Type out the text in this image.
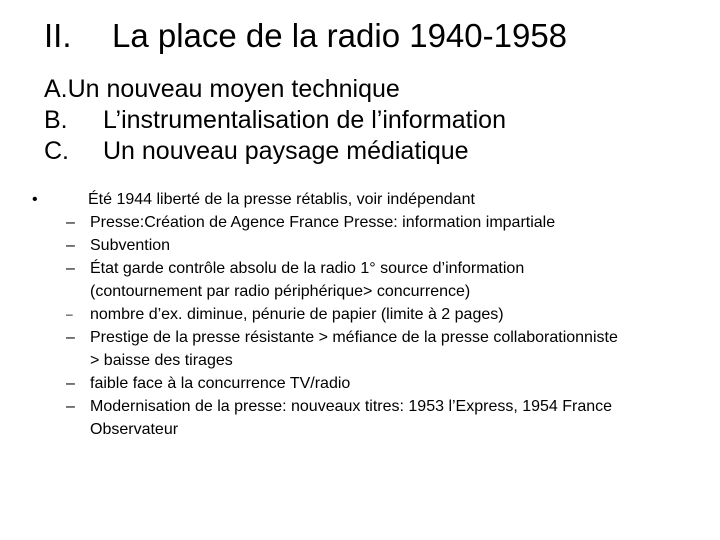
II. La place de la radio 1940-1958
A.Un nouveau moyen technique
B. L’instrumentalisation de l’information
C. Un nouveau paysage médiatique
•	Été 1944 liberté de la presse rétablis, voir indépendant
– Presse:Création de Agence France Presse: information impartiale
– Subvention
– État garde contrôle absolu de la radio 1° source d’information
(contournement par radio périphérique> concurrence)
– nombre d’ex. diminue, pénurie de papier (limite à 2 pages)
– Prestige de la presse résistante > méfiance de la presse collaborationniste
> baisse des tirages
– faible face à la concurrence TV/radio
– Modernisation de la presse: nouveaux titres: 1953 l’Express, 1954 France
Observateur
